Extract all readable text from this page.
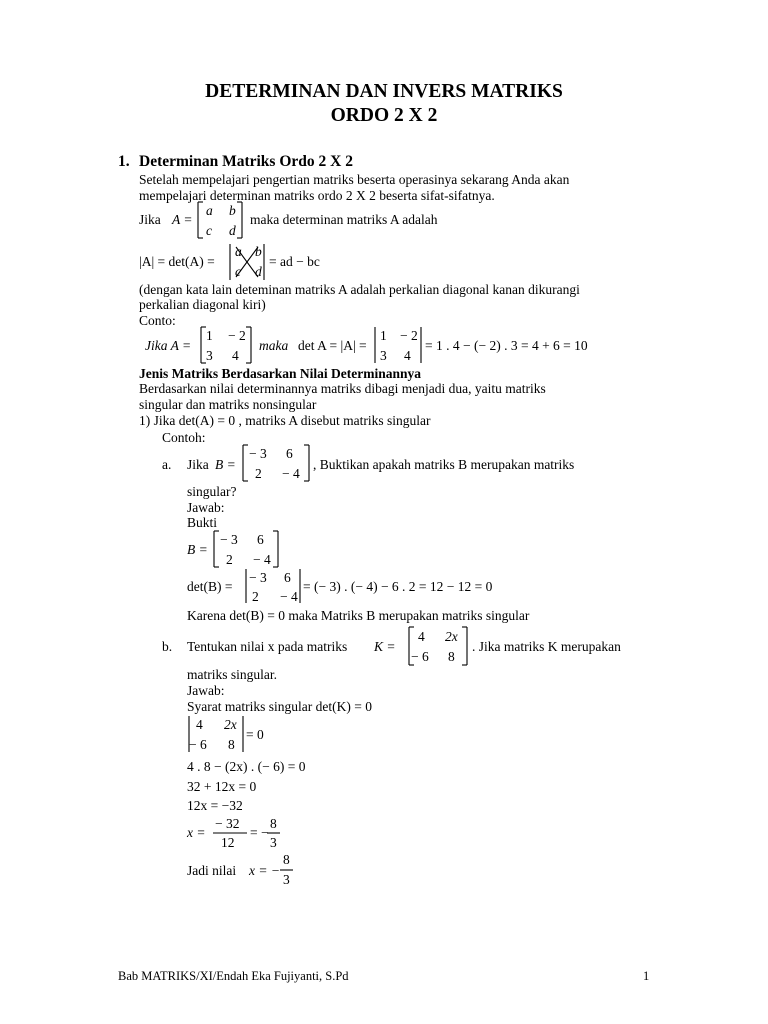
DETERMINAN DAN INVERS MATRIKS
ORDO 2 X 2
1. Determinan Matriks Ordo 2 X 2
Setelah mempelajari pengertian matriks beserta operasinya sekarang Anda akan
mempelajari determinan matriks ordo 2 X 2 beserta sifat-sifatnya.
Jika A =
a b
c d
maka determinan matriks A adalah
|A| = det(A) =
a b
c d
= ad − bc
(dengan kata lain deteminan matriks A adalah perkalian diagonal kanan dikurangi
perkalian diagonal kiri)
Conto:
Jika A =
1 − 2
3 4
maka det A = |A| =
1 − 2
3 4
= 1 . 4 − (− 2) . 3 = 4 + 6 = 10
Jenis Matriks Berdasarkan Nilai Determinannya
Berdasarkan nilai determinannya matriks dibagi menjadi dua, yaitu matriks
singular dan matriks nonsingular
1) Jika det(A) = 0 , matriks A disebut matriks singular
Contoh:
a. Jika B =
− 3 6
2 − 4
, Buktikan apakah matriks B merupakan matriks
singular?
Jawab:
Bukti
B =
− 3 6
2 − 4
det(B) =
− 3 6
2 − 4
= (− 3) . (− 4) − 6 . 2 = 12 − 12 = 0
Karena det(B) = 0 maka Matriks B merupakan matriks singular
b. Tentukan nilai x pada matriks K =
4 2x
− 6 8
. Jika matriks K merupakan
matriks singular.
Jawab:
Syarat matriks singular det(K) = 0
4 2x
− 6 8
= 0
4 . 8 − (2x) . (− 6) = 0
32 + 12x = 0
12x = −32
x =
− 32
12
= −
8
3
Jadi nilai x = −
8
3
Bab MATRIKS/XI/Endah Eka Fujiyanti, S.Pd	1
